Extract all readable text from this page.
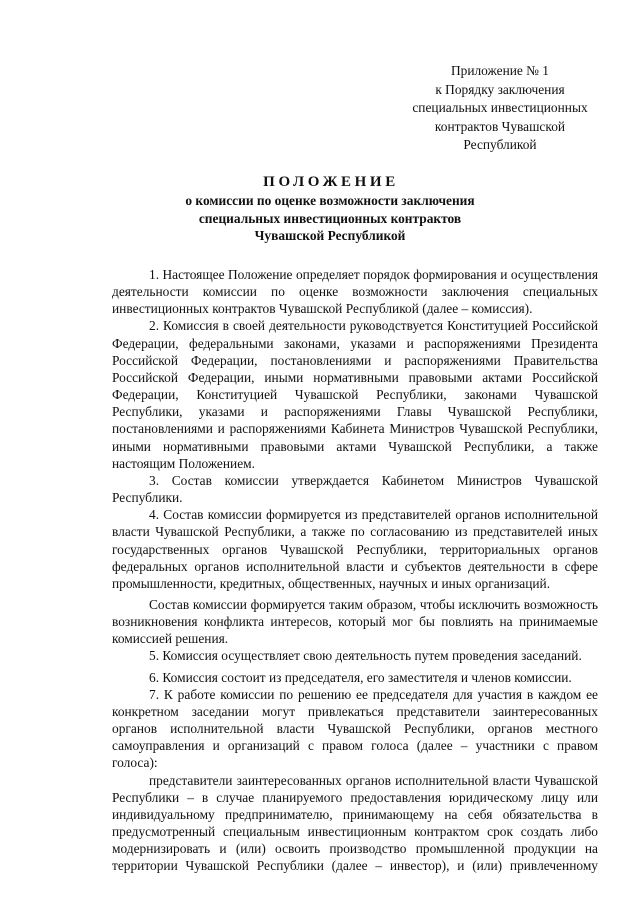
Приложение № 1
к Порядку заключения
специальных инвестиционных
контрактов Чувашской
Республикой
ПОЛОЖЕНИЕ
о комиссии по оценке возможности заключения
специальных инвестиционных контрактов
Чувашской Республикой

1. Настоящее Положение определяет порядок формирования и осуществления деятельности комиссии по оценке возможности заключения специальных инвестиционных контрактов Чувашской Республикой (далее – комиссия).

2. Комиссия в своей деятельности руководствуется Конституцией Российской Федерации, федеральными законами, указами и распоряжениями Президента Российской Федерации, постановлениями и распоряжениями Правительства Российской Федерации, иными нормативными правовыми актами Российской Федерации, Конституцией Чувашской Республики, законами Чувашской Республики, указами и распоряжениями Главы Чувашской Республики, постановлениями и распоряжениями Кабинета Министров Чувашской Республики, иными нормативными правовыми актами Чувашской Республики, а также настоящим Положением.

3. Состав комиссии утверждается Кабинетом Министров Чувашской Республики.

4. Состав комиссии формируется из представителей органов исполнительной власти Чувашской Республики, а также по согласованию из представителей иных государственных органов Чувашской Республики, территориальных органов федеральных органов исполнительной власти и субъектов деятельности в сфере промышленности, кредитных, общественных, научных и иных организаций.

Состав комиссии формируется таким образом, чтобы исключить возможность возникновения конфликта интересов, который мог бы повлиять на принимаемые комиссией решения.

5. Комиссия осуществляет свою деятельность путем проведения заседаний.

6. Комиссия состоит из председателя, его заместителя и членов комиссии.

7. К работе комиссии по решению ее председателя для участия в каждом ее конкретном заседании могут привлекаться представители заинтересованных органов исполнительной власти Чувашской Республики, органов местного самоуправления и организаций с правом голоса (далее – участники с правом голоса):

представители заинтересованных органов исполнительной власти Чувашской Республики – в случае планируемого предоставления юридическому лицу или индивидуальному предпринимателю, принимающему на себя обязательства в предусмотренный специальным инвестиционным контрактом срок создать либо модернизировать и (или) освоить производство промышленной продукции на территории Чувашской Республики (далее – инвестор), и (или) привлеченному
